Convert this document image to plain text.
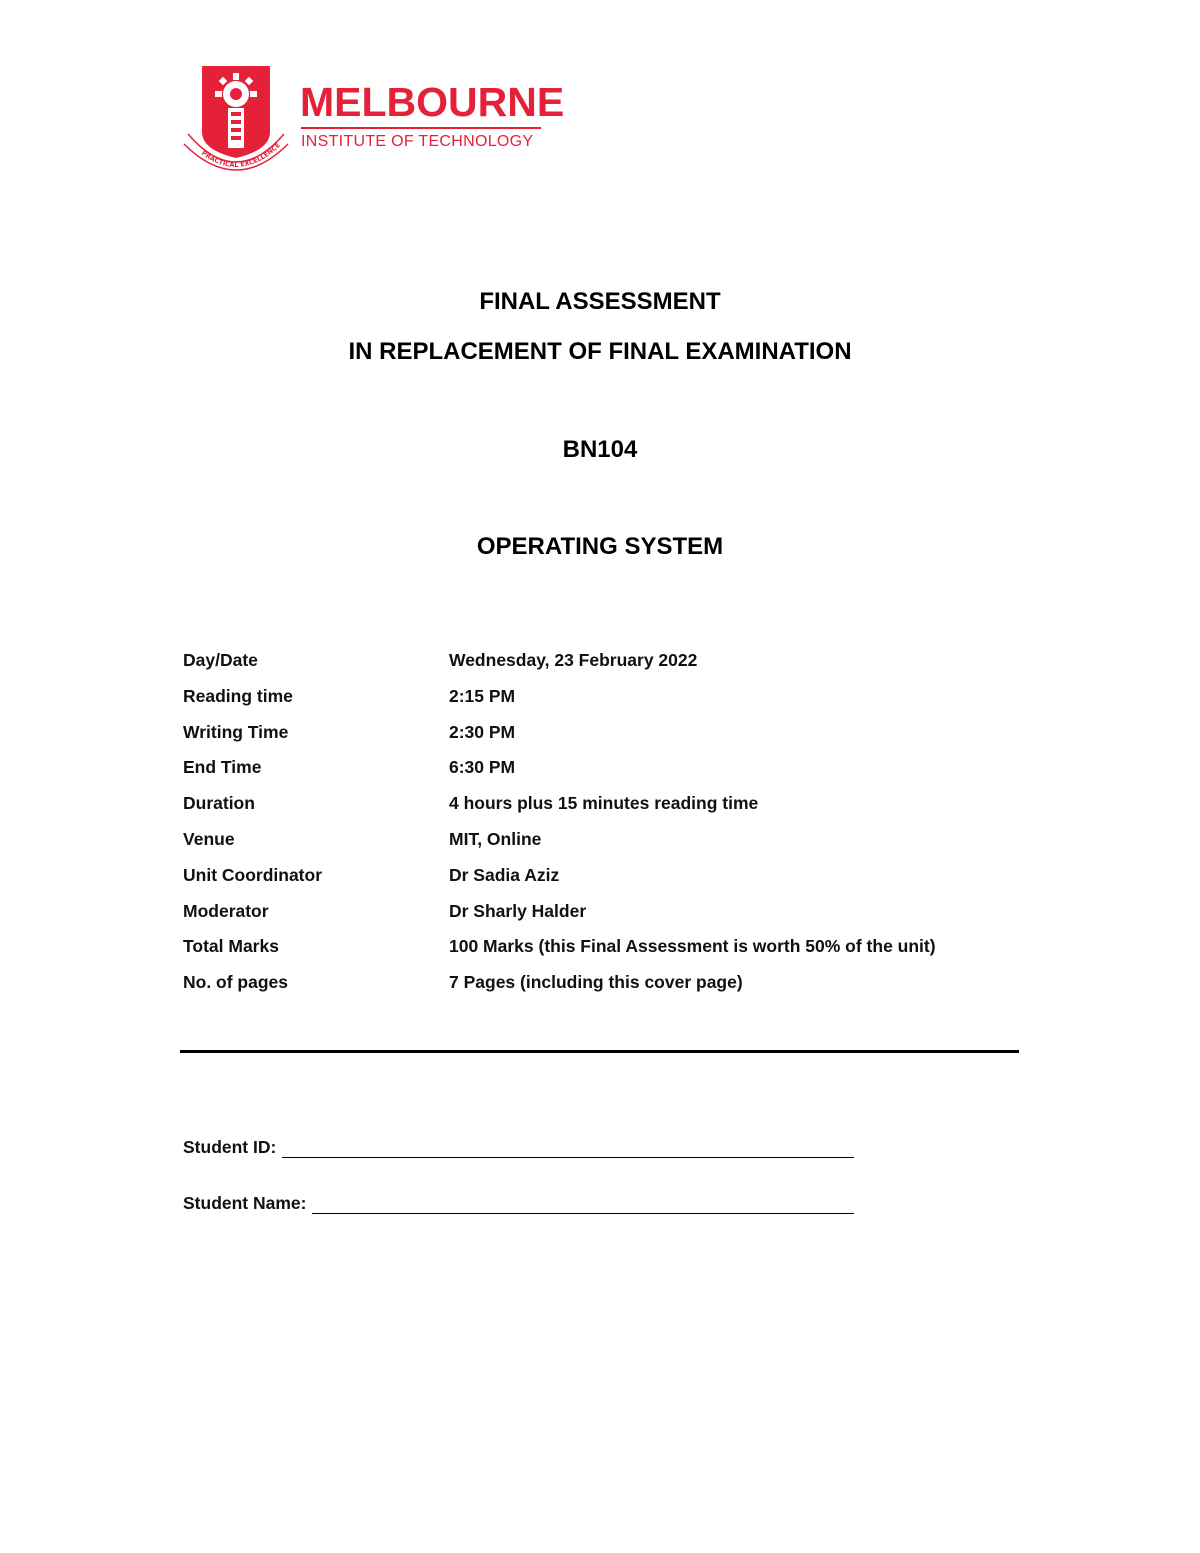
PRACTICAL EXCELLENCE
MELBOURNE
INSTITUTE OF TECHNOLOGY
FINAL ASSESSMENT
IN REPLACEMENT OF FINAL EXAMINATION
BN104
OPERATING SYSTEM
Day/Date	Wednesday, 23 February 2022
Reading time	2:15 PM
Writing Time	2:30 PM
End Time	6:30 PM
Duration	4 hours plus 15 minutes reading time
Venue	MIT, Online
Unit Coordinator	Dr Sadia Aziz
Moderator	Dr Sharly Halder
Total Marks	100 Marks (this Final Assessment is worth 50% of the unit)
No. of pages	7 Pages (including this cover page)
Student ID:
Student Name:
